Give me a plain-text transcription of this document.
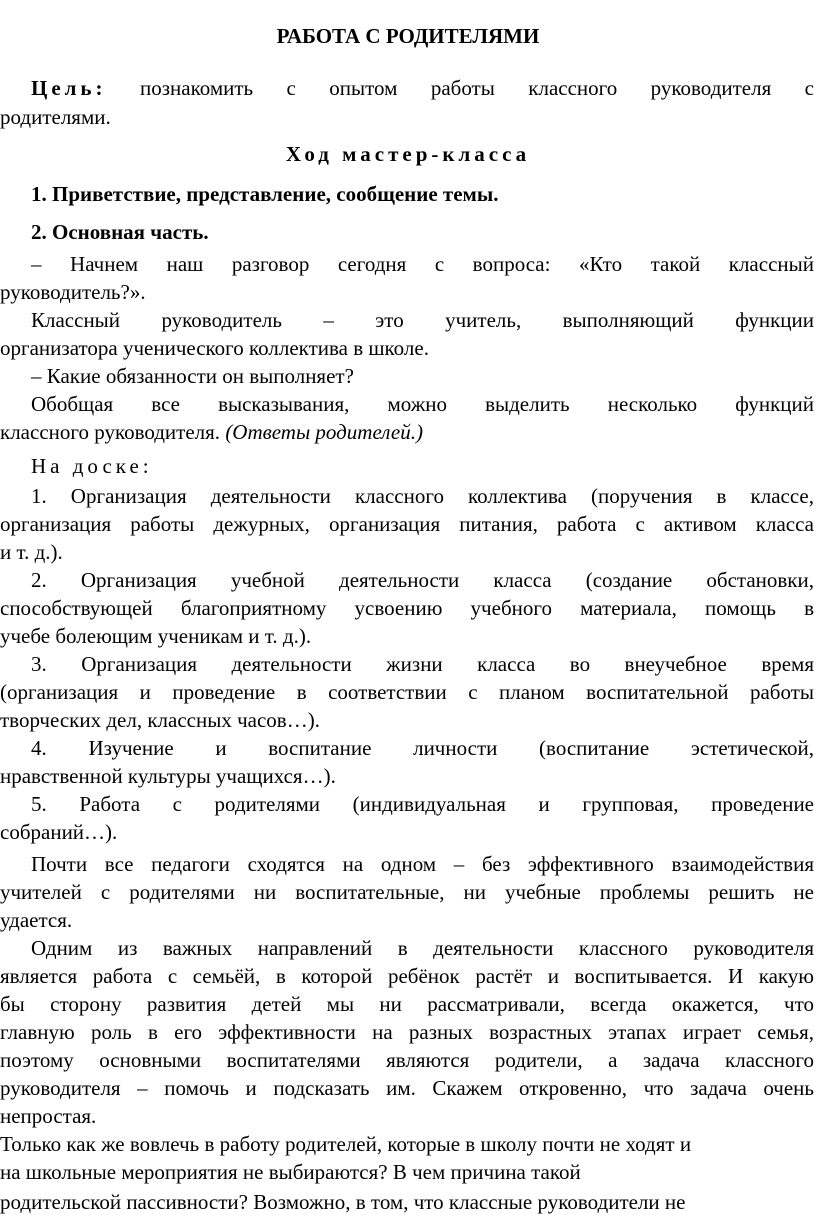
РАБОТА С РОДИТЕЛЯМИ
Цель: познакомить с опытом работы классного руководителя с
родителями.
Ход мастер-класса
1. Приветствие, представление, сообщение темы.
2. Основная часть.
– Начнем наш разговор сегодня с вопроса: «Кто такой классный
руководитель?».
Классный руководитель – это учитель, выполняющий функции
организатора ученического коллектива в школе.
– Какие обязанности он выполняет?
Обобщая все высказывания, можно выделить несколько функций
классного руководителя. (Ответы родителей.)
На доске:
1. Организация деятельности классного коллектива (поручения в классе,
организация работы дежурных, организация питания, работа с активом класса
и т. д.).
2. Организация учебной деятельности класса (создание обстановки,
способствующей благоприятному усвоению учебного материала, помощь в
учебе болеющим ученикам и т. д.).
3. Организация деятельности жизни класса во внеучебное время
(организация и проведение в соответствии с планом воспитательной работы
творческих дел, классных часов…).
4. Изучение и воспитание личности (воспитание эстетической,
нравственной культуры учащихся…).
5. Работа с родителями (индивидуальная и групповая, проведение
собраний…).
Почти все педагоги сходятся на одном – без эффективного взаимодействия
учителей с родителями ни воспитательные, ни учебные проблемы решить не
удается.
Одним из важных направлений в деятельности классного руководителя
является работа с семьёй, в которой ребёнок растёт и воспитывается. И какую
бы сторону развития детей мы ни рассматривали, всегда окажется, что
главную роль в его эффективности на разных возрастных этапах играет семья,
поэтому основными воспитателями являются родители, а задача классного
руководителя – помочь и подсказать им. Скажем откровенно, что задача очень
непростая.
Только как же вовлечь в работу родителей, которые в школу почти не ходят и
на школьные мероприятия не выбираются? В чем причина такой
родительской пассивности? Возможно, в том, что классные руководители не
